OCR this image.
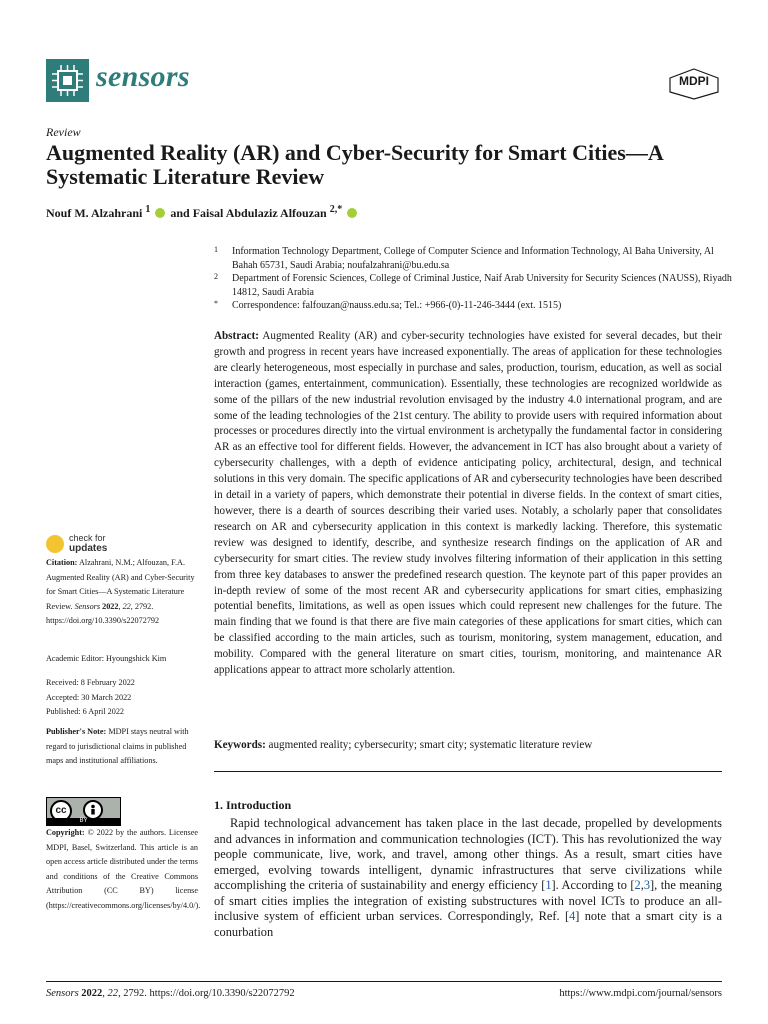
sensors	MDPI
Review
Augmented Reality (AR) and Cyber-Security for Smart Cities—A Systematic Literature Review
Nouf M. Alzahrani $^1$ and Faisal Abdulaziz Alfouzan $^{2,*}$
1 Information Technology Department, College of Computer Science and Information Technology, Al Baha University, Al Bahah 65731, Saudi Arabia; noufalzahrani@bu.edu.sa
2 Department of Forensic Sciences, College of Criminal Justice, Naif Arab University for Security Sciences (NAUSS), Riyadh 14812, Saudi Arabia
* Correspondence: falfouzan@nauss.edu.sa; Tel.: +966-(0)-11-246-3444 (ext. 1515)
Abstract: Augmented Reality (AR) and cyber-security technologies have existed for several decades, but their growth and progress in recent years have increased exponentially. The areas of application for these technologies are clearly heterogeneous, most especially in purchase and sales, production, tourism, education, as well as social interaction (games, entertainment, communication). Essentially, these technologies are recognized worldwide as some of the pillars of the new industrial revolution envisaged by the industry 4.0 international program, and are some of the leading technologies of the 21st century. The ability to provide users with required information about processes or procedures directly into the virtual environment is archetypally the fundamental factor in considering AR as an effective tool for different fields. However, the advancement in ICT has also brought about a variety of cybersecurity challenges, with a depth of evidence anticipating policy, architectural, design, and technical solutions in this very domain. The specific applications of AR and cybersecurity technologies have been described in detail in a variety of papers, which demonstrate their potential in diverse fields. In the context of smart cities, however, there is a dearth of sources describing their varied uses. Notably, a scholarly paper that consolidates research on AR and cybersecurity application in this context is markedly lacking. Therefore, this systematic review was designed to identify, describe, and synthesize research findings on the application of AR and cybersecurity for smart cities. The review study involves filtering information of their application in this setting from three key databases to answer the predefined research question. The keynote part of this paper provides an in-depth review of some of the most recent AR and cybersecurity applications for smart cities, emphasizing potential benefits, limitations, as well as open issues which could represent new challenges for the future. The main finding that we found is that there are five main categories of these applications for smart cities, which can be classified according to the main articles, such as tourism, monitoring, system management, education, and mobility. Compared with the general literature on smart cities, tourism, monitoring, and maintenance AR applications appear to attract more scholarly attention.
Keywords: augmented reality; cybersecurity; smart city; systematic literature review
1. Introduction

Rapid technological advancement has taken place in the last decade, propelled by developments and advances in information and communication technologies (ICT). This has revolutionized the way people communicate, live, work, and travel, among other things. As a result, smart cities have emerged, evolving towards intelligent, dynamic infrastructures that serve civilizations while accomplishing the criteria of sustainability and energy efficiency [1]. According to [2,3], the meaning of smart cities implies the integration of existing substructures with novel ICTs to produce an all-inclusive system of efficient urban services. Correspondingly, Ref. [4] note that a smart city is a conurbation

check for
updates
Citation: Alzahrani, N.M.; Alfouzan, F.A. Augmented Reality (AR) and Cyber-Security for Smart Cities—A Systematic Literature Review. Sensors 2022, 22, 2792. https://doi.org/10.3390/s22072792
Academic Editor: Hyoungshick Kim
Received: 8 February 2022
Accepted: 30 March 2022
Published: 6 April 2022
Publisher's Note: MDPI stays neutral with regard to jurisdictional claims in published maps and institutional affiliations.
cc
BY
Copyright: © 2022 by the authors. Licensee MDPI, Basel, Switzerland. This article is an open access article distributed under the terms and conditions of the Creative Commons Attribution (CC BY) license (https://creativecommons.org/licenses/by/4.0/).
Sensors 2022, 22, 2792. https://doi.org/10.3390/s22072792	https://www.mdpi.com/journal/sensors
